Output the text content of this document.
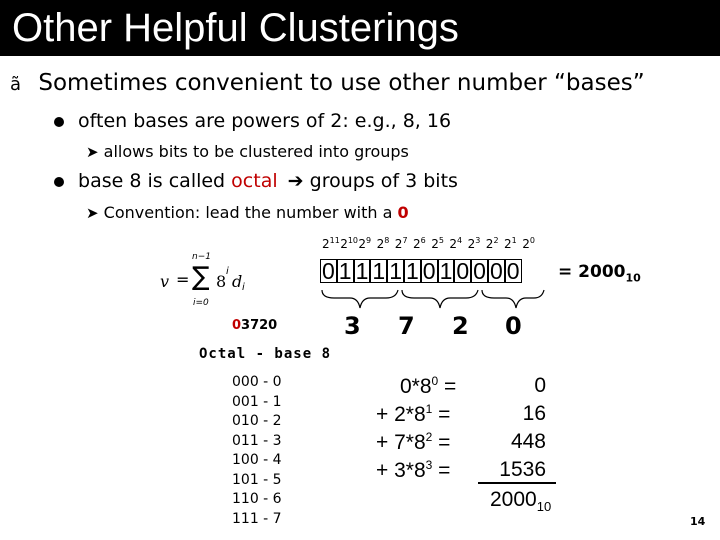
Other Helpful Clusterings
ã Sometimes convenient to use other number “bases”
often bases are powers of 2: e.g., 8, 16
➤ allows bits to be clustered into groups
base 8 is called octal ➔ groups of 3 bits
➤ Convention: lead the number with a 0
v =
n−1
∑
i=0
8
i
d i
$2^{11}$ $2^{10}$ $2^9$ $2^8$ $2^7$ $2^6$ $2^5$ $2^4$ $2^3$ $2^2$ $2^1$ $2^0$
0 1 1 1 1 1 0 1 0 0 0 $0 = 2000_{10}$
3 7 2 0
03720
Octal - base 8
000 - 0
001 - 1
010 - 2
011 - 3
100 - 4
101 - 5
110 - 6
111 - 7
$0*8^0$ =	0
+ $2*8^1$ =	16
+ $7*8^2$ =	448
+ $3*8^3 = 1536$
$2000_{10}$
14
